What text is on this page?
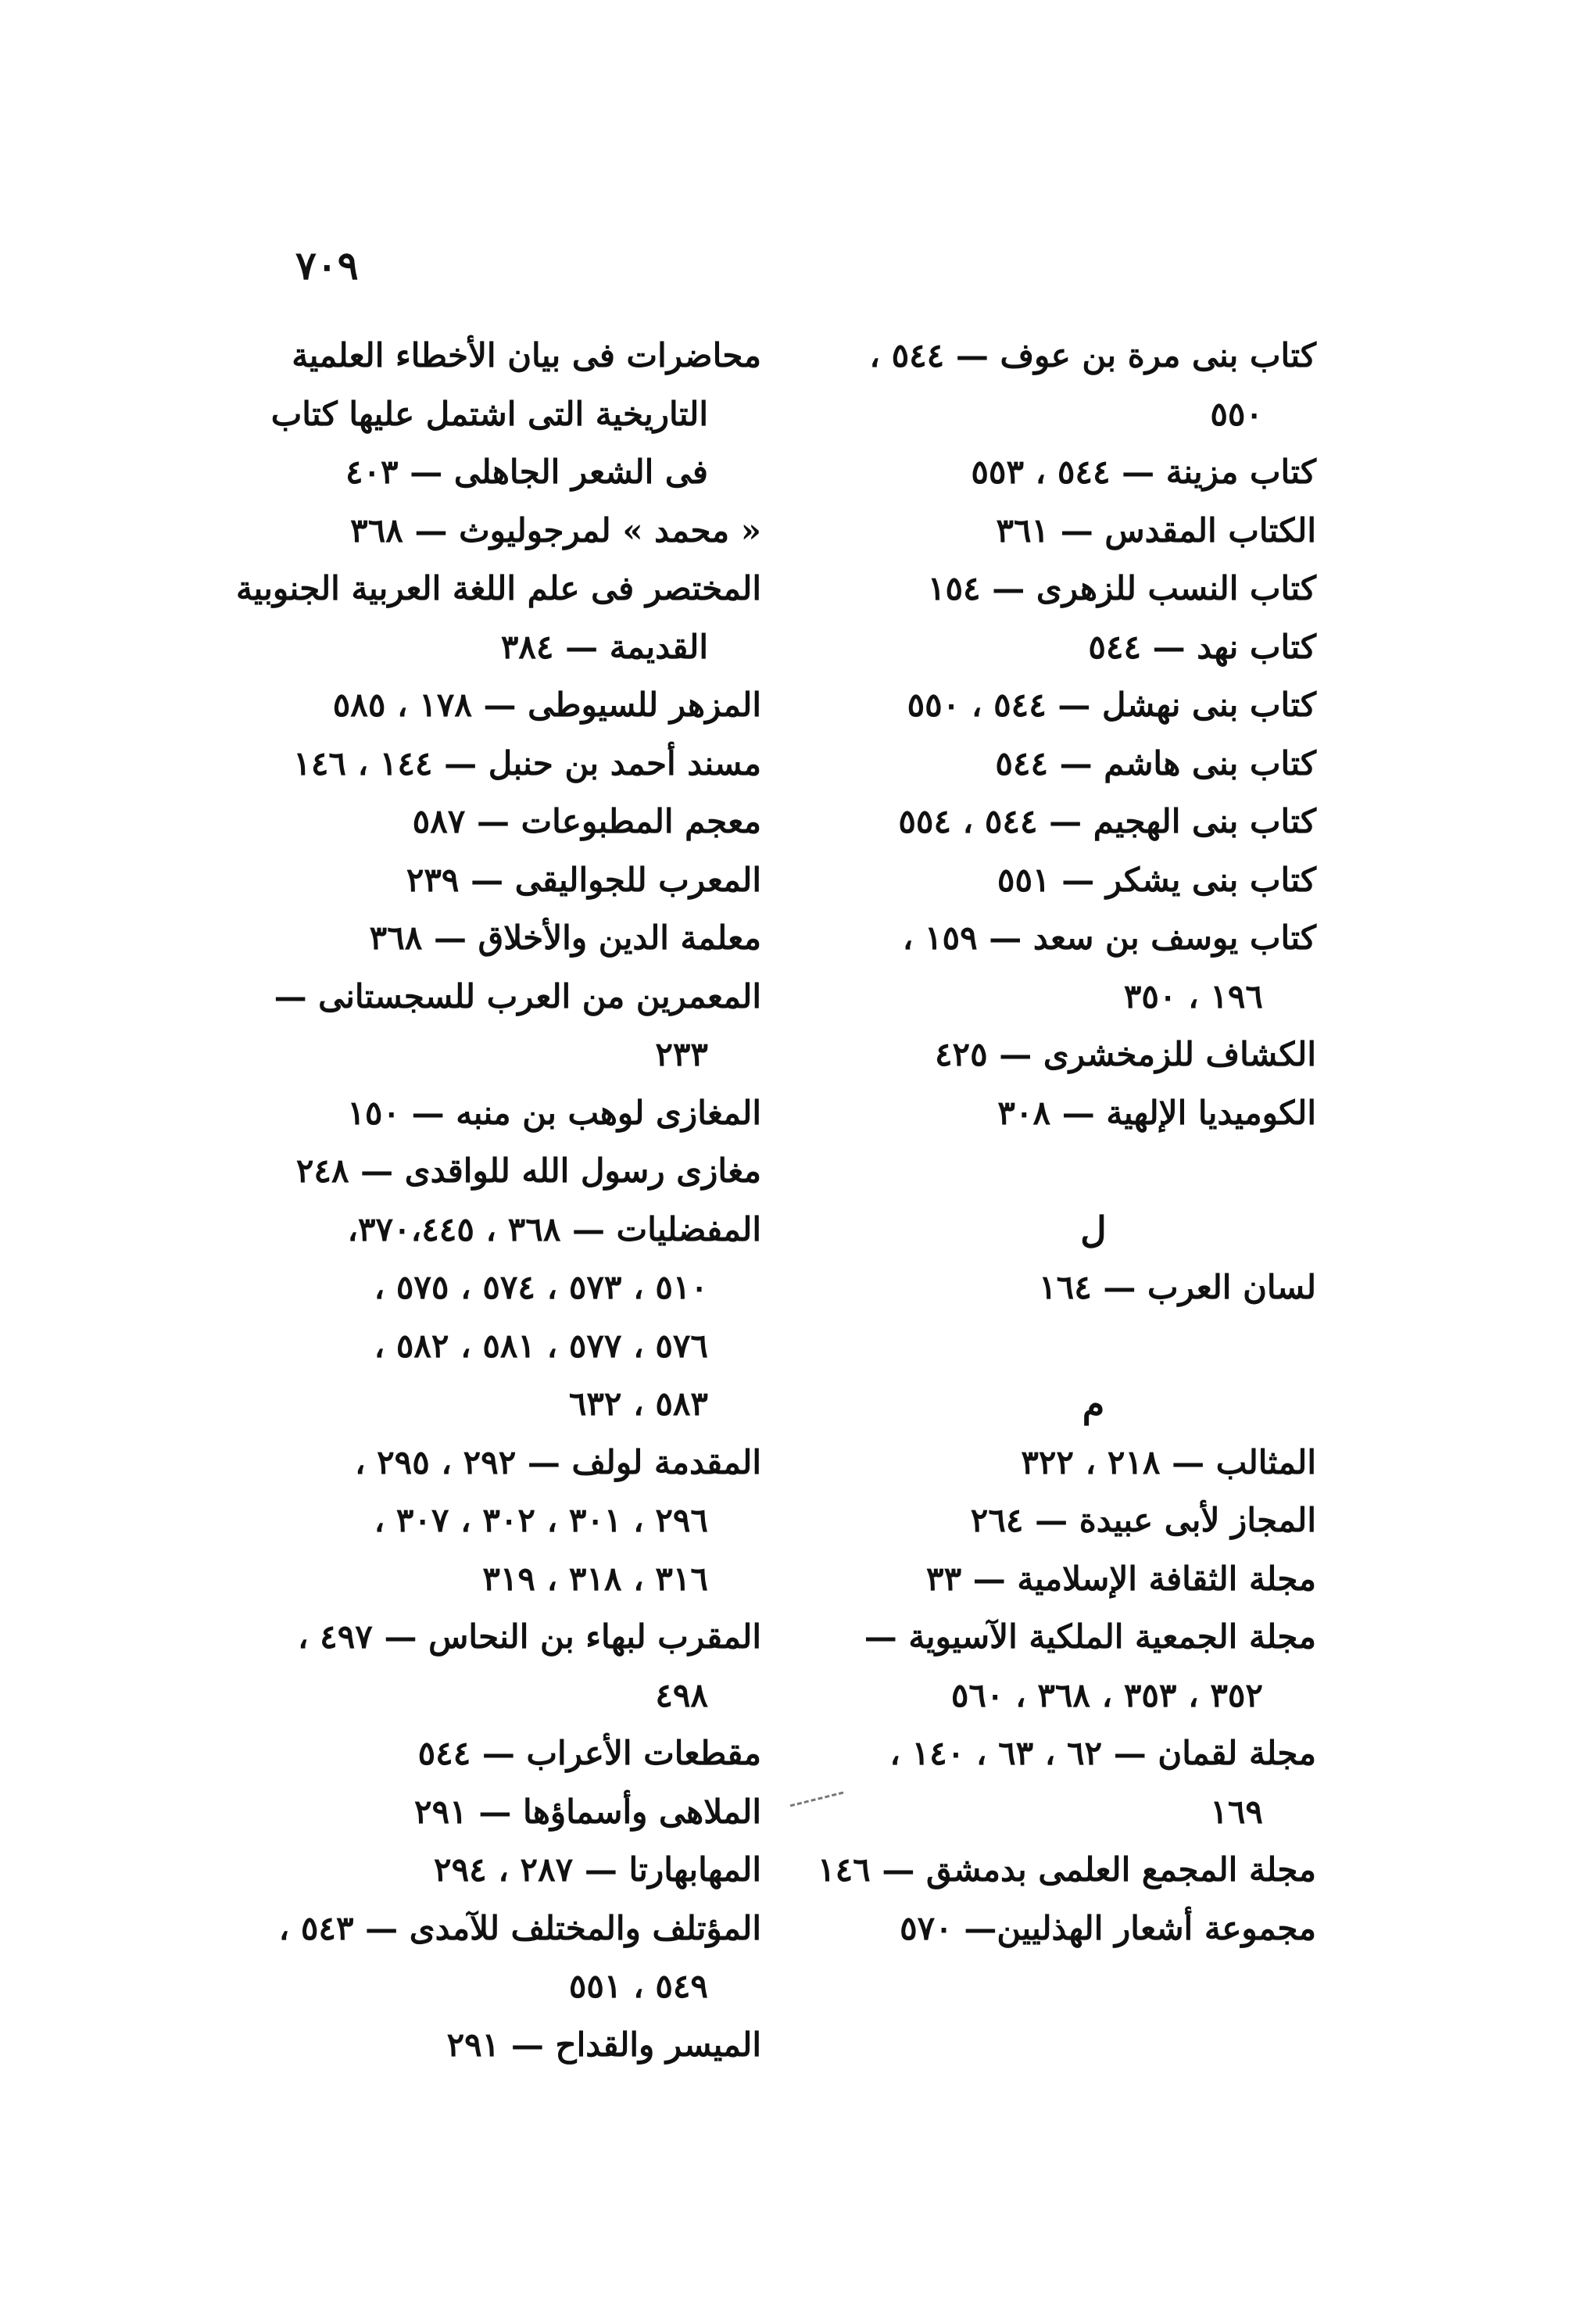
٧٠٩
كتاب بنى مرة بن عوف — ٥٤٤ ،
٥٥٠
كتاب مزينة — ٥٤٤ ، ٥٥٣
الكتاب المقدس — ٣٦١
كتاب النسب للزهرى — ١٥٤
كتاب نهد — ٥٤٤
كتاب بنى نهشل — ٥٤٤ ، ٥٥٠
كتاب بنى هاشم — ٥٤٤
كتاب بنى الهجيم — ٥٤٤ ، ٥٥٤
كتاب بنى يشكر — ٥٥١
كتاب يوسف بن سعد — ١٥٩ ،
١٩٦ ، ٣٥٠
الكشاف للزمخشرى — ٤٢٥
الكوميديا الإلهية — ٣٠٨
ل
لسان العرب — ١٦٤
م
المثالب — ٢١٨ ، ٣٢٢
المجاز لأبى عبيدة — ٢٦٤
مجلة الثقافة الإسلامية — ٣٣
مجلة الجمعية الملكية الآسيوية —
٣٥٢ ، ٣٥٣ ، ٣٦٨ ، ٥٦٠
مجلة لقمان — ٦٢ ، ٦٣ ، ١٤٠ ،
١٦٩
مجلة المجمع العلمى بدمشق — ١٤٦
مجموعة أشعار الهذليين— ٥٧٠
محاضرات فى بيان الأخطاء العلمية
التاريخية التى اشتمل عليها كتاب
فى الشعر الجاهلى — ٤٠٣
« محمد » لمرجوليوث — ٣٦٨
المختصر فى علم اللغة العربية الجنوبية
القديمة — ٣٨٤
المزهر للسيوطى — ١٧٨ ، ٥٨٥
مسند أحمد بن حنبل — ١٤٤ ، ١٤٦
معجم المطبوعات — ٥٨٧
المعرب للجواليقى — ٢٣٩
معلمة الدين والأخلاق — ٣٦٨
المعمرين من العرب للسجستانى —
٢٣٣
المغازى لوهب بن منبه — ١٥٠
مغازى رسول الله للواقدى — ٢٤٨
المفضليات — ٣٦٨ ، ٣٧٠،٤٤٥،
٥١٠ ، ٥٧٣ ، ٥٧٤ ، ٥٧٥ ،
٥٧٦ ، ٥٧٧ ، ٥٨١ ، ٥٨٢ ،
٥٨٣ ، ٦٣٢
المقدمة لولف — ٢٩٢ ، ٢٩٥ ،
٢٩٦ ، ٣٠١ ، ٣٠٢ ، ٣٠٧ ،
٣١٦ ، ٣١٨ ، ٣١٩
المقرب لبهاء بن النحاس — ٤٩٧ ،
٤٩٨
مقطعات الأعراب — ٥٤٤
الملاهى وأسماؤها — ٢٩١
المهابهارتا — ٢٨٧ ، ٢٩٤
المؤتلف والمختلف للآمدى — ٥٤٣ ،
٥٤٩ ، ٥٥١
الميسر والقداح — ٢٩١
